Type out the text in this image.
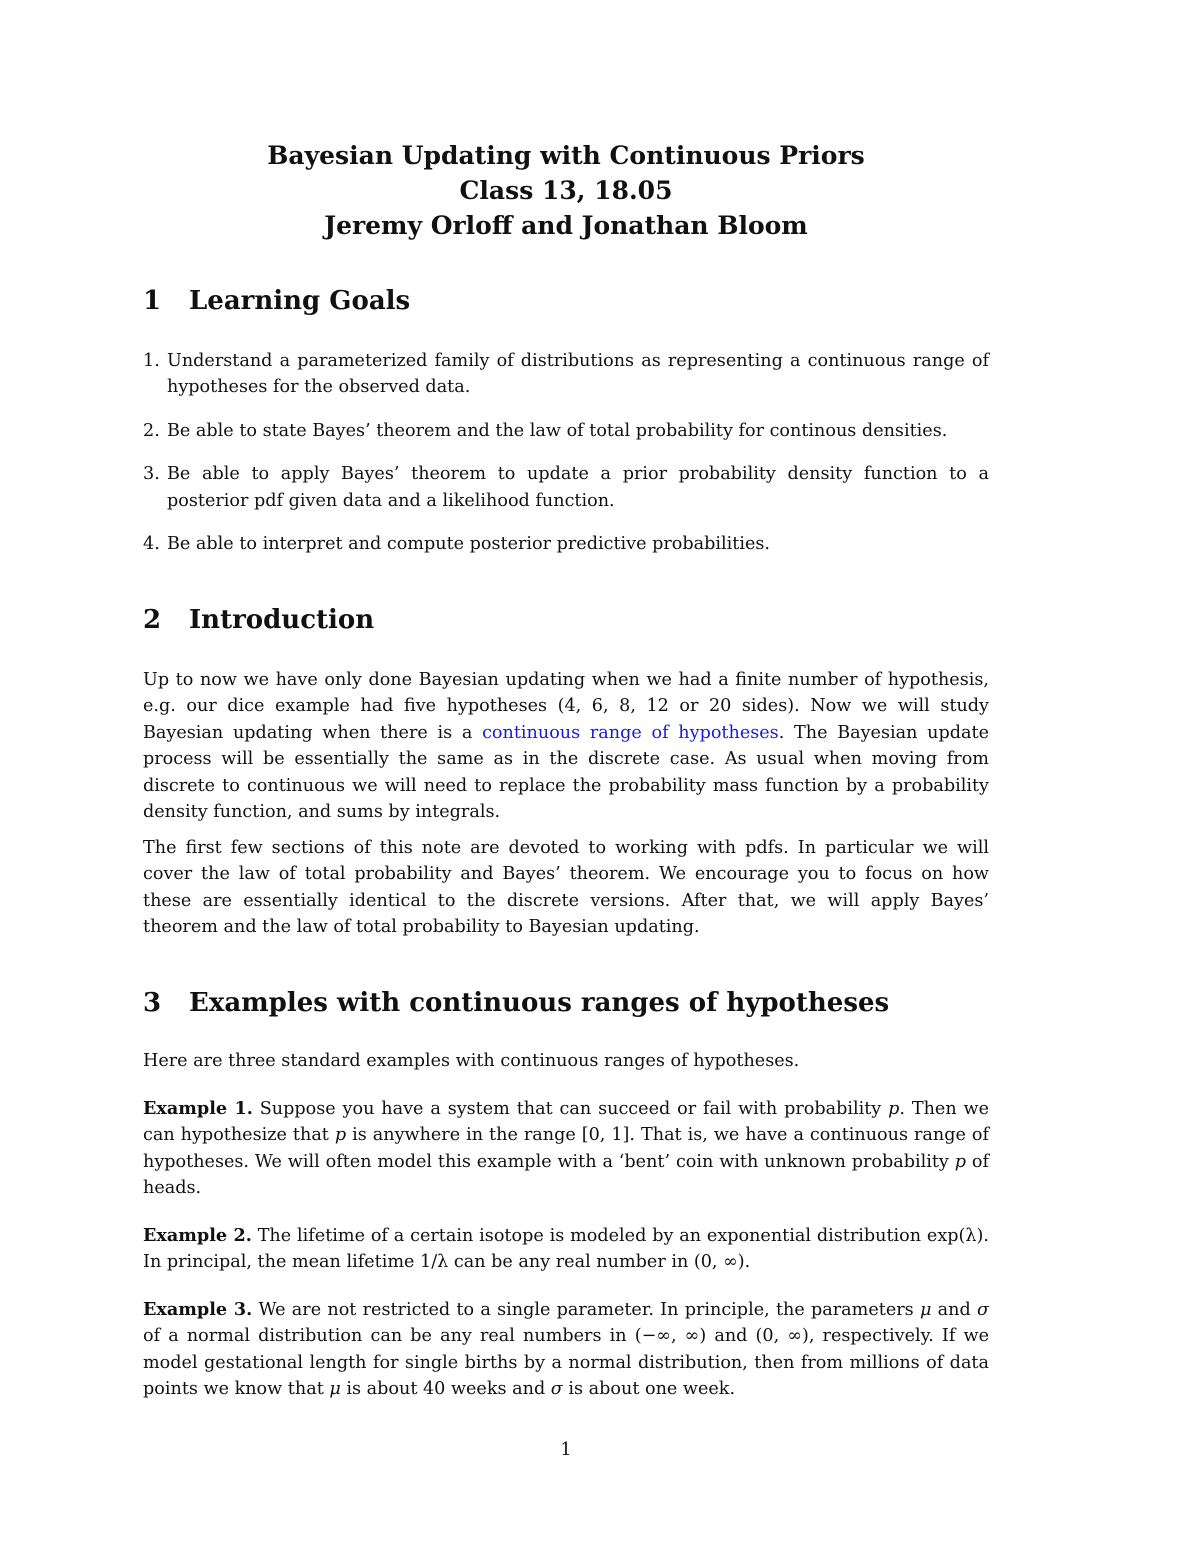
Bayesian Updating with Continuous Priors
Class 13, 18.05
Jeremy Orloff and Jonathan Bloom
1 Learning Goals
1. Understand a parameterized family of distributions as representing a continuous range of hypotheses for the observed data.
2. Be able to state Bayes’ theorem and the law of total probability for continous densities.
3. Be able to apply Bayes’ theorem to update a prior probability density function to a posterior pdf given data and a likelihood function.
4. Be able to interpret and compute posterior predictive probabilities.
2 Introduction

Up to now we have only done Bayesian updating when we had a finite number of hypothesis, e.g. our dice example had five hypotheses (4, 6, 8, 12 or 20 sides). Now we will study Bayesian updating when there is a continuous range of hypotheses. The Bayesian update process will be essentially the same as in the discrete case. As usual when moving from discrete to continuous we will need to replace the probability mass function by a probability density function, and sums by integrals.

The first few sections of this note are devoted to working with pdfs. In particular we will cover the law of total probability and Bayes’ theorem. We encourage you to focus on how these are essentially identical to the discrete versions. After that, we will apply Bayes’ theorem and the law of total probability to Bayesian updating.

3 Examples with continuous ranges of hypotheses

Here are three standard examples with continuous ranges of hypotheses.

Example 1. Suppose you have a system that can succeed or fail with probability p. Then we can hypothesize that p is anywhere in the range [0, 1]. That is, we have a continuous range of hypotheses. We will often model this example with a ‘bent’ coin with unknown probability p of heads.

Example 2. The lifetime of a certain isotope is modeled by an exponential distribution exp(λ). In principal, the mean lifetime 1/λ can be any real number in (0, ∞).

Example 3. We are not restricted to a single parameter. In principle, the parameters μ and σ of a normal distribution can be any real numbers in (−∞, ∞) and (0, ∞), respectively. If we model gestational length for single births by a normal distribution, then from millions of data points we know that μ is about 40 weeks and σ is about one week.

1
